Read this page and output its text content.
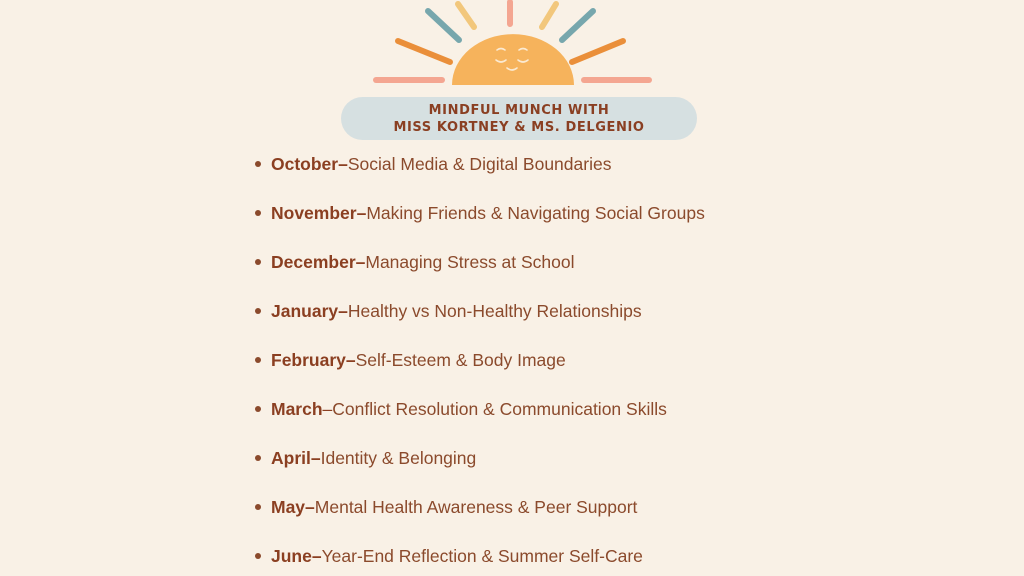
MINDFUL MUNCH WITH
MISS KORTNEY & MS. DELGENIO
October – Social Media & Digital Boundaries
November – Making Friends & Navigating Social Groups
December – Managing Stress at School
January – Healthy vs Non-Healthy Relationships
February – Self-Esteem & Body Image
March – Conflict Resolution & Communication Skills
April – Identity & Belonging
May – Mental Health Awareness & Peer Support
June – Year-End Reflection & Summer Self-Care
